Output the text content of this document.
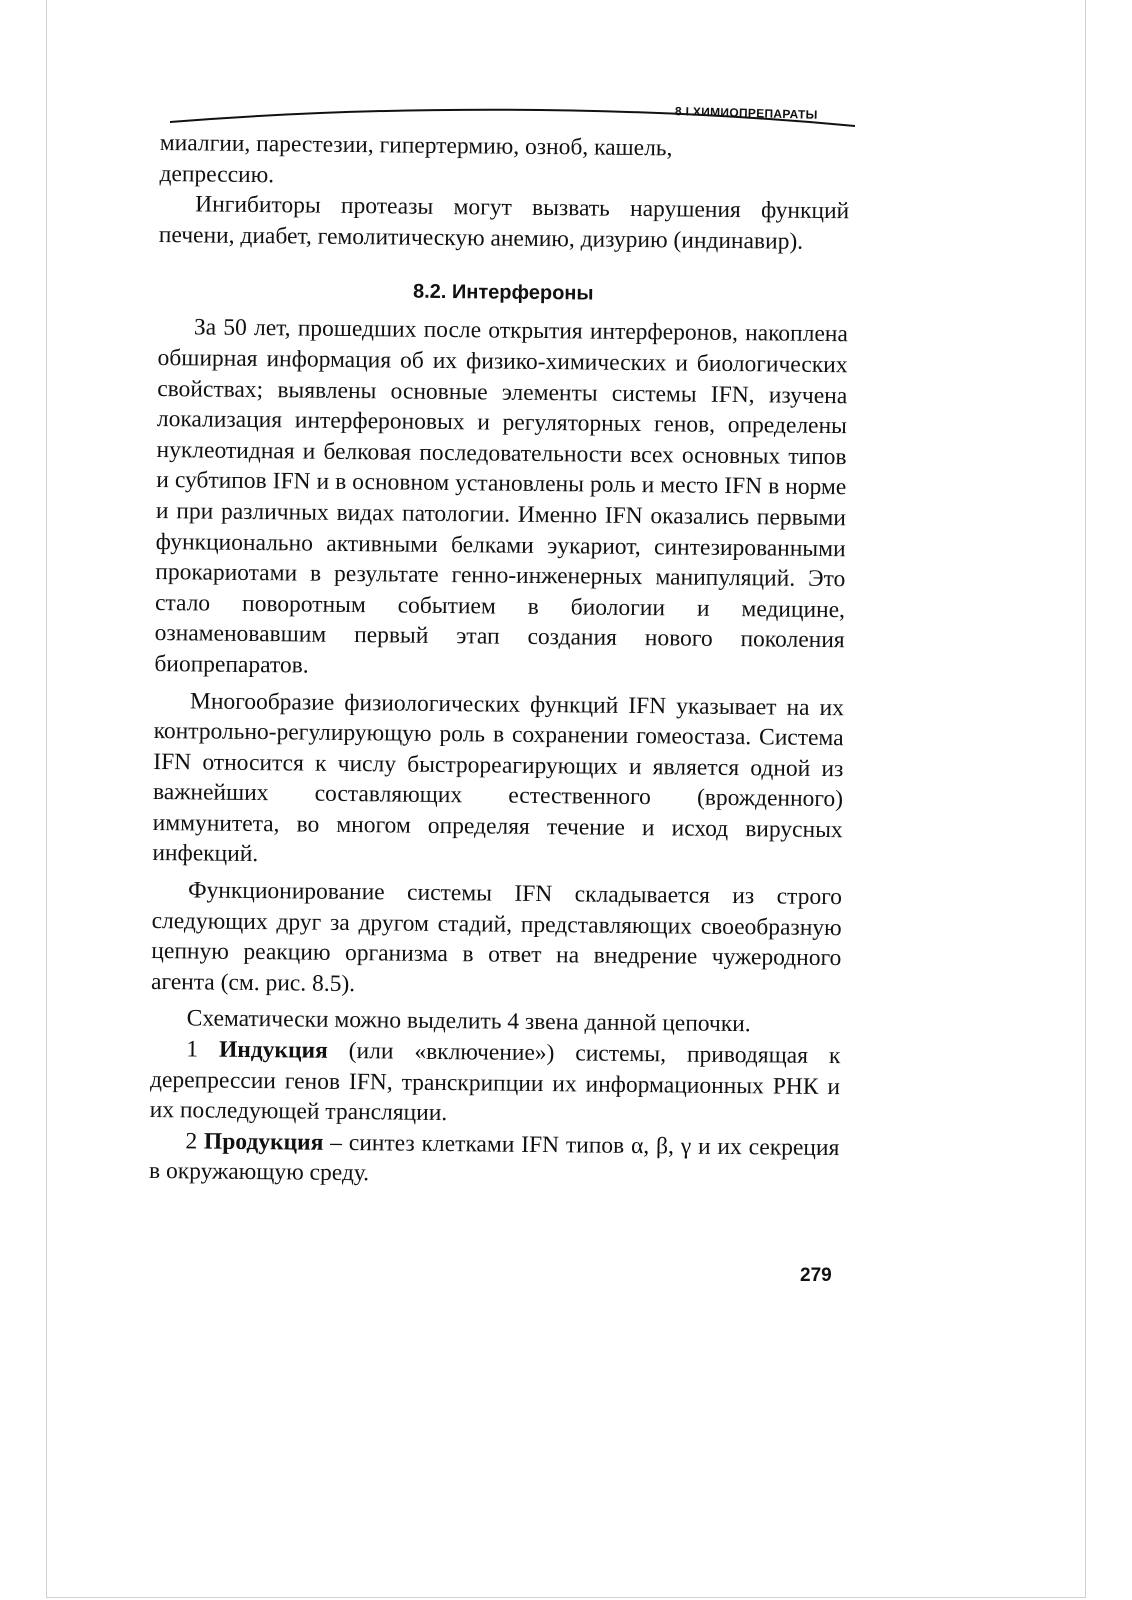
8 I ХИМИОПРЕПАРАТЫ

миалгии, парестезии, гипертермию, озноб, кашель,

депрессию.

Ингибиторы протеазы могут вызвать нарушения функций печени, диабет, гемолитическую анемию, дизурию (индинавир).

8.2. Интерфероны

За 50 лет, прошедших после открытия интерферонов, накоплена обширная информация об их физико-химических и биологических свойствах; выявлены основные элементы системы IFN, изучена локализация интерфероновых и регуляторных генов, определены нуклеотидная и белковая последовательности всех основных типов и субтипов IFN и в основном установлены роль и место IFN в норме и при различных видах патологии. Именно IFN оказались первыми функционально активными белками эукариот, синтезированными прокариотами в результате генно-инженерных манипуляций. Это стало поворотным событием в биологии и медицине, ознаменовавшим первый этап создания нового поколения биопрепаратов.

Многообразие физиологических функций IFN указывает на их контрольно-регулирующую роль в сохранении гомеостаза. Система IFN относится к числу быстрореагирующих и является одной из важнейших составляющих естественного (врожденного) иммунитета, во многом определяя течение и исход вирусных инфекций.

Функционирование системы IFN складывается из строго следующих друг за другом стадий, представляющих своеобразную цепную реакцию организма в ответ на внедрение чужеродного агента (см. рис. 8.5).

Схематически можно выделить 4 звена данной цепочки.

1 Индукция (или «включение») системы, приводящая к дерепрессии генов IFN, транскрипции их информационных РНК и их последующей трансляции.

2 Продукция – синтез клетками IFN типов α, β, γ и их секреция в окружающую среду.

279
